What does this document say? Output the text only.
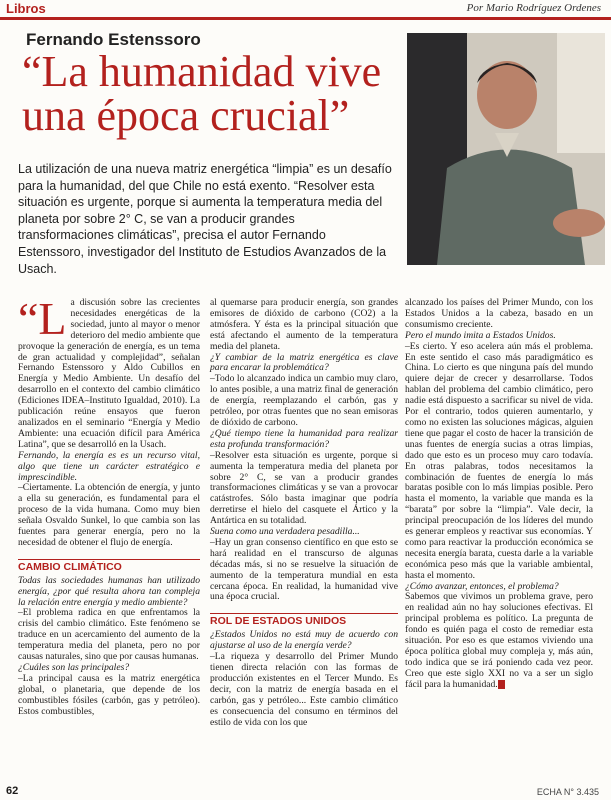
Libros	Por Mario Rodríguez Ordenes
Fernando Estenssoro
“La humanidad vive
una época crucial”
La utilización de una nueva matriz energética “limpia” es un desafío para la humanidad, del que Chile no está exento. “Resolver esta situación es urgente, porque si aumenta la temperatura media del planeta por sobre 2° C, se van a producir grandes transformaciones climáticas”, precisa el autor Fernando Estenssoro, investigador del Instituto de Estudios Avanzados de la Usach.

“La discusión sobre las crecientes necesidades energéticas de la sociedad, junto al mayor o menor deterioro del medio ambiente que provoque la generación de energía, es un tema de gran actualidad y complejidad”, señalan Fernando Estenssoro y Aldo Cubillos en Energía y Medio Ambiente. Un desafío del desarrollo en el contexto del cambio climático (Ediciones IDEA–Instituto Igualdad, 2010). La publicación reúne ensayos que fueron analizados en el seminario “Energía y Medio Ambiente: una ecuación difícil para América Latina”, que se desarrolló en la Usach.

Fernando, la energía es es un recurso vital, algo que tiene un carácter estratégico e imprescindible.

–Ciertamente. La obtención de energía, y junto a ella su generación, es fundamental para el proceso de la vida humana. Como muy bien señala Osvaldo Sunkel, lo que cambia son las fuentes para generar energía, pero no la necesidad de obtener el flujo de energía.

CAMBIO CLIMÁTICO

Todas las sociedades humanas han utilizado energía, ¿por qué resulta ahora tan compleja la relación entre energía y medio ambiente?

–El problema radica en que enfrentamos la crisis del cambio climático. Este fenómeno se traduce en un acercamiento del aumento de la temperatura media del planeta, pero no por causas naturales, sino que por causas humanas.

¿Cuáles son las principales?

–La principal causa es la matriz energética global, o planetaria, que depende de los combustibles fósiles (carbón, gas y petróleo). Estos combustibles,

al quemarse para producir energía, son grandes emisores de dióxido de carbono (CO2) a la atmósfera. Y ésta es la principal situación que está afectando el aumento de la temperatura media del planeta.

¿Y cambiar de la matriz energética es clave para encarar la problemática?

–Todo lo alcanzado indica un cambio muy claro, lo antes posible, a una matriz final de generación de energía, reemplazando el carbón, gas y petróleo, por otras fuentes que no sean emisoras de dióxido de carbono.

¿Qué tiempo tiene la humanidad para realizar esta profunda transformación?

–Resolver esta situación es urgente, porque si aumenta la temperatura media del planeta por sobre 2° C, se van a producir grandes transformaciones climáticas y se van a provocar catástrofes. Sólo basta imaginar que podría derretirse el hielo del casquete el Ártico y la Antártica en su totalidad.

Suena como una verdadera pesadilla...

–Hay un gran consenso científico en que esto se hará realidad en el transcurso de algunas décadas más, si no se resuelve la situación de aumento de la temperatura mundial en esta cercana época. En realidad, la humanidad vive una época crucial.

ROL DE ESTADOS UNIDOS

¿Estados Unidos no está muy de acuerdo con ajustarse al uso de la energía verde?

–La riqueza y desarrollo del Primer Mundo tienen directa relación con las formas de producción existentes en el Tercer Mundo. Es decir, con la matriz de energía basada en el carbón, gas y petróleo... Este cambio climático es consecuencia del consumo en términos del estilo de vida con los que

alcanzado los países del Primer Mundo, con los Estados Unidos a la cabeza, basado en un consumismo creciente.

Pero el mundo imita a Estados Unidos.

–Es cierto. Y eso acelera aún más el problema. En este sentido el caso más paradigmático es China. Lo cierto es que ninguna país del mundo quiere dejar de crecer y desarrollarse. Todos hablan del problema del cambio climático, pero nadie está dispuesto a sacrificar su nivel de vida. Por el contrario, todos quieren aumentarlo, y como no existen las soluciones mágicas, alguien tiene que pagar el costo de hacer la transición de unas fuentes de energía sucias a otras limpias, dado que esto es un proceso muy caro todavía. En otras palabras, todos necesitamos la combinación de fuentes de energía lo más baratas posible con lo más limpias posible. Pero hasta el momento, la variable que manda es la “barata” por sobre la “limpia”. Vale decir, la principal preocupación de los líderes del mundo es generar empleos y reactivar sus economías. Y como para reactivar la producción económica se necesita energía barata, cuesta darle a la variable económica peso más que la variable ambiental, hasta el momento.

¿Cómo avanzar, entonces, el problema?

Sabemos que vivimos un problema grave, pero en realidad aún no hay soluciones efectivas. El principal problema es político. La pregunta de fondo es quién paga el costo de remediar esta situación. Por eso es que estamos viviendo una época política global muy compleja y, más aún, todo indica que se irá poniendo cada vez peor. Creo que este siglo XXI no va a ser un siglo fácil para la humanidad.

62	ECHA N° 3.435
